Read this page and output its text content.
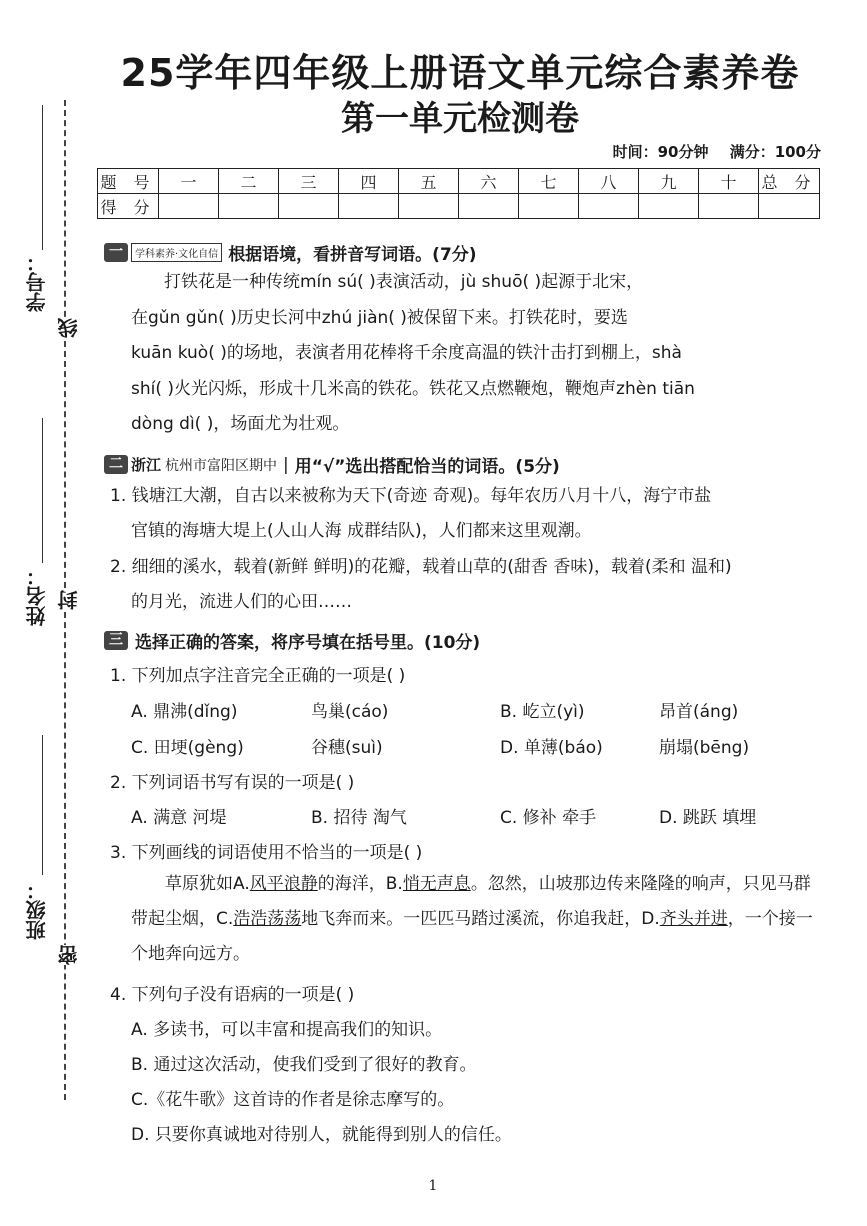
学号：
线
姓名： 封
班级：
密
25学年四年级上册语文单元综合素养卷
第一单元检测卷
时间：90分钟 满分：100分
题 号	一	二	三	四	五	六	七	八	九	十	总 分
得 分											
一	学科素养·文化自信 根据语境，看拼音写词语。(7分)
打铁花是一种传统mín sú( )表演活动，jù shuō( )起源于北宋，
在gǔn gǔn( )历史长河中zhú jiàn( )被保留下来。打铁花时，要选
kuān kuò( )的场地，表演者用花棒将千余度高温的铁汁击打到棚上，shà
shí( )火光闪烁，形成十几米高的铁花。铁花又点燃鞭炮，鞭炮声zhèn tiān
dòng dì( )，场面尤为壮观。
二 浙江 杭州市富阳区期中 | 用“√”选出搭配恰当的词语。(5分)
1. 钱塘江大潮，自古以来被称为天下(奇迹 奇观)。每年农历八月十八，海宁市盐
官镇的海塘大堤上(人山人海 成群结队)，人们都来这里观潮。
2. 细细的溪水，载着(新鲜 鲜明)的花瓣，载着山草的(甜香 香味)，载着(柔和 温和)
的月光，流进人们的心田……
三 选择正确的答案，将序号填在括号里。(10分)
1. 下列加点字注音完全正确的一项是( )
A. 鼎沸(dǐng)	鸟巢(cáo)	B. 屹立(yì)	昂首(áng)
C. 田埂(gèng)	谷穗(suì)	D. 单薄(báo)	崩塌(bēng)
2. 下列词语书写有误的一项是( )
A. 满意 河堤	B. 招待 淘气	C. 修补 牵手	D. 跳跃 填埋
3. 下列画线的词语使用不恰当的一项是( )
草原犹如A.风平浪静的海洋，B.悄无声息。忽然，山坡那边传来隆隆的响声，只见马群带起尘烟，C.浩浩荡荡地飞奔而来。一匹匹马踏过溪流，你追我赶，D.齐头并进，一个接一个地奔向远方。
4. 下列句子没有语病的一项是( )
A. 多读书，可以丰富和提高我们的知识。
B. 通过这次活动，使我们受到了很好的教育。
C.《花牛歌》这首诗的作者是徐志摩写的。
D. 只要你真诚地对待别人，就能得到别人的信任。
1
